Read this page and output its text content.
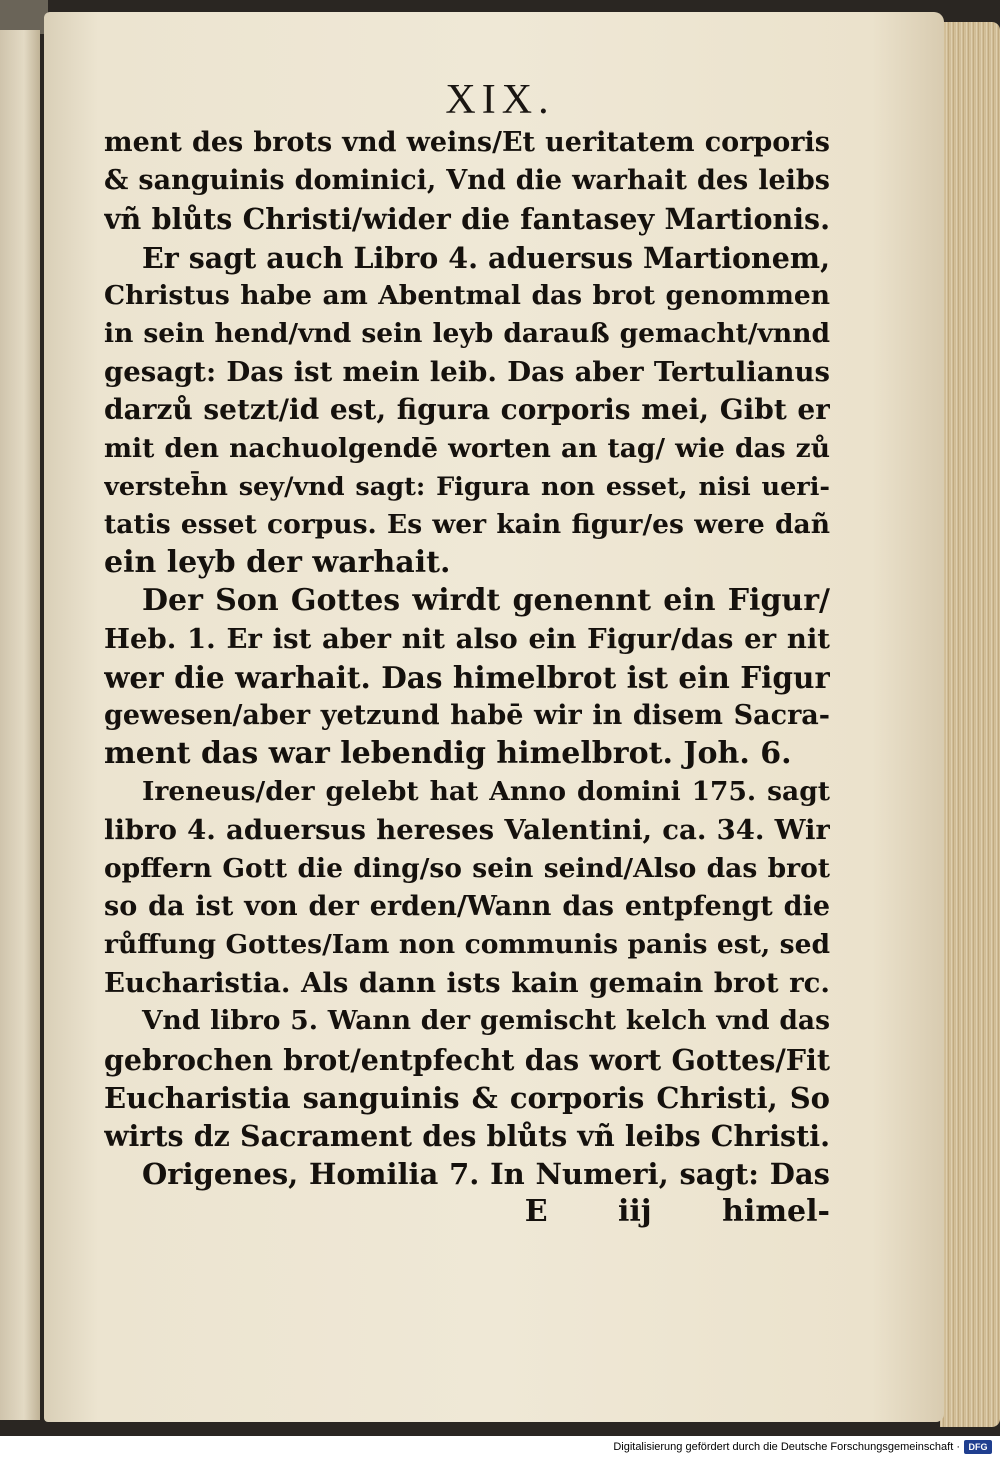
XIX.
ment des brots vnd weins/Et ueritatem corporis
& sanguinis dominici, Vnd die warhait des leibs
vñ blůts Christi/wider die fantasey Martionis.
Er sagt auch Libro 4. aduersus Martionem,
Christus habe am Abentmal das brot genommen
in sein hend/vnd sein leyb darauß gemacht/vnnd
gesagt: Das ist mein leib. Das aber Tertulianus
darzů setzt/id est, figura corporis mei, Gibt er
mit den nachuolgendē worten an tag/ wie das zů
versteh̄n sey/vnd sagt: Figura non esset, nisi ueri-
tatis esset corpus. Es wer kain figur/es were dañ
ein leyb der warhait.
Der Son Gottes wirdt genennt ein Figur/
Heb. 1. Er ist aber nit also ein Figur/das er nit
wer die warhait. Das himelbrot ist ein Figur
gewesen/aber yetzund habē wir in disem Sacra-
ment das war lebendig himelbrot. Joh. 6.
Ireneus/der gelebt hat Anno domini 175. sagt
libro 4. aduersus hereses Valentini, ca. 34. Wir
opffern Gott die ding/so sein seind/Also das brot
so da ist von der erden/Wann das entpfengt die
růffung Gottes/Iam non communis panis est, sed
Eucharistia. Als dann ists kain gemain brot rc.
Vnd libro 5. Wann der gemischt kelch vnd das
gebrochen brot/entpfecht das wort Gottes/Fit
Eucharistia sanguinis & corporis Christi, So
wirts dz Sacrament des blůts vñ leibs Christi.
Origenes, Homilia 7. In Numeri, sagt: Das
E iij himel-
Digitalisierung gefördert durch die Deutsche Forschungsgemeinschaft · DFG
